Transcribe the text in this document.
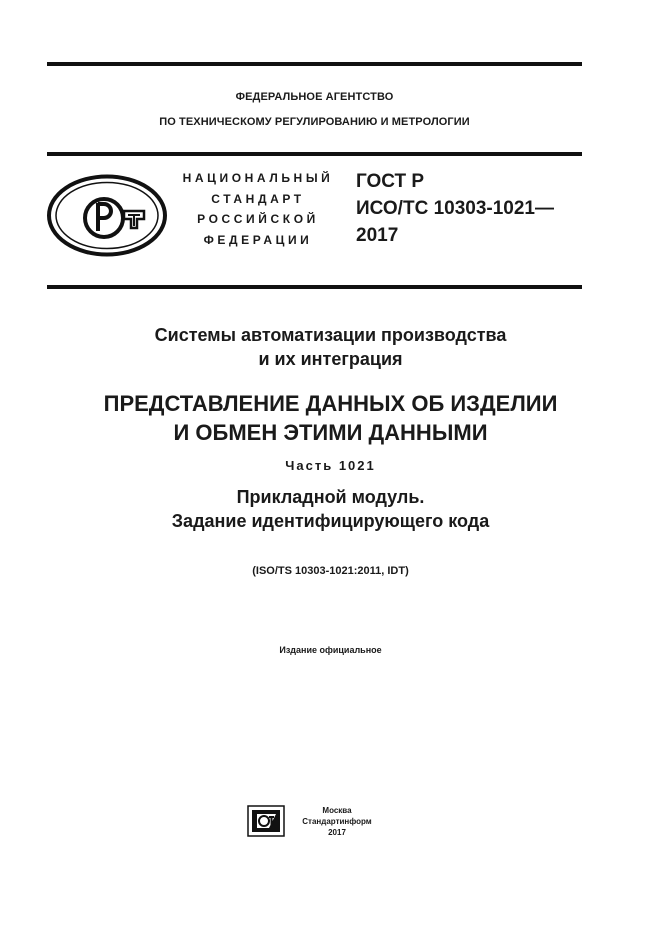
ФЕДЕРАЛЬНОЕ АГЕНТСТВО
ПО ТЕХНИЧЕСКОМУ РЕГУЛИРОВАНИЮ И МЕТРОЛОГИИ
НАЦИОНАЛЬНЫЙ
СТАНДАРТ
РОССИЙСКОЙ
ФЕДЕРАЦИИ
ГОСТ Р
ИСО/ТС 10303-1021—
2017
Системы автоматизации производства
и их интеграция
ПРЕДСТАВЛЕНИЕ ДАННЫХ ОБ ИЗДЕЛИИ
И ОБМЕН ЭТИМИ ДАННЫМИ
Часть 1021
Прикладной модуль.
Задание идентифицирующего кода
(ISO/TS 10303-1021:2011, IDT)
Издание официальное
Москва
Стандартинформ
2017
